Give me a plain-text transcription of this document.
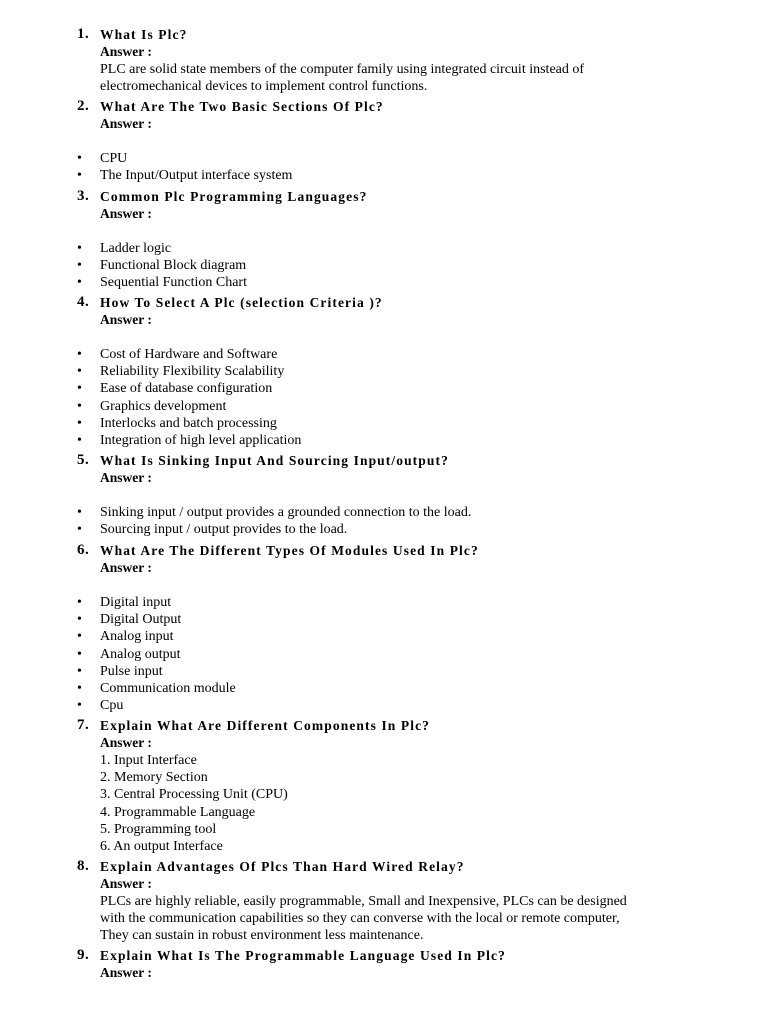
1. What Is Plc?
Answer :
PLC are solid state members of the computer family using integrated circuit instead of
electromechanical devices to implement control functions.
2. What Are The Two Basic Sections Of Plc?
Answer :
• CPU
• The Input/Output interface system
3. Common Plc Programming Languages?
Answer :
• Ladder logic
• Functional Block diagram
• Sequential Function Chart
4. How To Select A Plc (selection Criteria )?
Answer :
• Cost of Hardware and Software
• Reliability Flexibility Scalability
• Ease of database configuration
• Graphics development
• Interlocks and batch processing
• Integration of high level application
5. What Is Sinking Input And Sourcing Input/output?
Answer :
• Sinking input / output provides a grounded connection to the load.
• Sourcing input / output provides to the load.
6. What Are The Different Types Of Modules Used In Plc?
Answer :
• Digital input
• Digital Output
• Analog input
• Analog output
• Pulse input
• Communication module
• Cpu
7. Explain What Are Different Components In Plc?
Answer :
1. Input Interface
2. Memory Section
3. Central Processing Unit (CPU)
4. Programmable Language
5. Programming tool
6. An output Interface
8. Explain Advantages Of Plcs Than Hard Wired Relay?
Answer :
PLCs are highly reliable, easily programmable, Small and Inexpensive, PLCs can be designed
with the communication capabilities so they can converse with the local or remote computer,
They can sustain in robust environment less maintenance.
9. Explain What Is The Programmable Language Used In Plc?
Answer :
